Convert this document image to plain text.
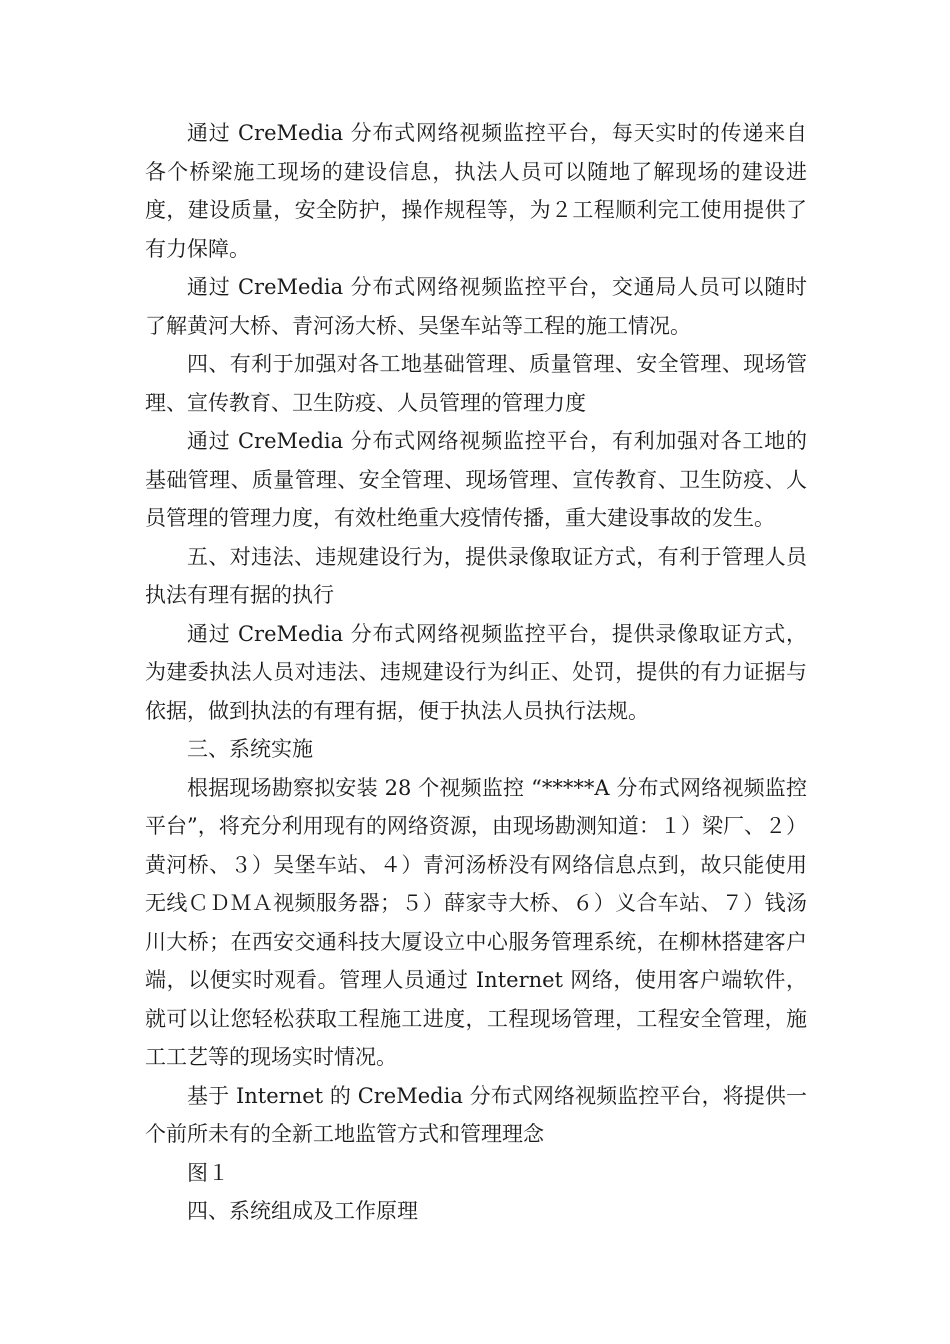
通过 CreMedia 分布式网络视频监控平台，每天实时的传递来自各个桥梁施工现场的建设信息，执法人员可以随地了解现场的建设进度，建设质量，安全防护，操作规程等，为２工程顺利完工使用提供了有力保障。

通过 CreMedia 分布式网络视频监控平台，交通局人员可以随时了解黄河大桥、青河汤大桥、吴堡车站等工程的施工情况。

四、有利于加强对各工地基础管理、质量管理、安全管理、现场管理、宣传教育、卫生防疫、人员管理的管理力度

通过 CreMedia 分布式网络视频监控平台，有利加强对各工地的基础管理、质量管理、安全管理、现场管理、宣传教育、卫生防疫、人员管理的管理力度，有效杜绝重大疫情传播，重大建设事故的发生。

五、对违法、违规建设行为，提供录像取证方式，有利于管理人员执法有理有据的执行

通过 CreMedia 分布式网络视频监控平台，提供录像取证方式，为建委执法人员对违法、违规建设行为纠正、处罚，提供的有力证据与依据，做到执法的有理有据，便于执法人员执行法规。

三、系统实施

根据现场勘察拟安装 28 个视频监控 “*****A 分布式网络视频监控平台”，将充分利用现有的网络资源，由现场勘测知道：１）梁厂、２）黄河桥、３）吴堡车站、４）青河汤桥没有网络信息点到，故只能使用无线ＣＤＭＡ视频服务器；５）薛家寺大桥、６）义合车站、７）钱汤川大桥；在西安交通科技大厦设立中心服务管理系统，在柳林搭建客户端，以便实时观看。管理人员通过 Internet 网络，使用客户端软件，就可以让您轻松获取工程施工进度，工程现场管理，工程安全管理，施工工艺等的现场实时情况。

基于 Internet 的 CreMedia 分布式网络视频监控平台，将提供一个前所未有的全新工地监管方式和管理理念

图１

四、系统组成及工作原理
